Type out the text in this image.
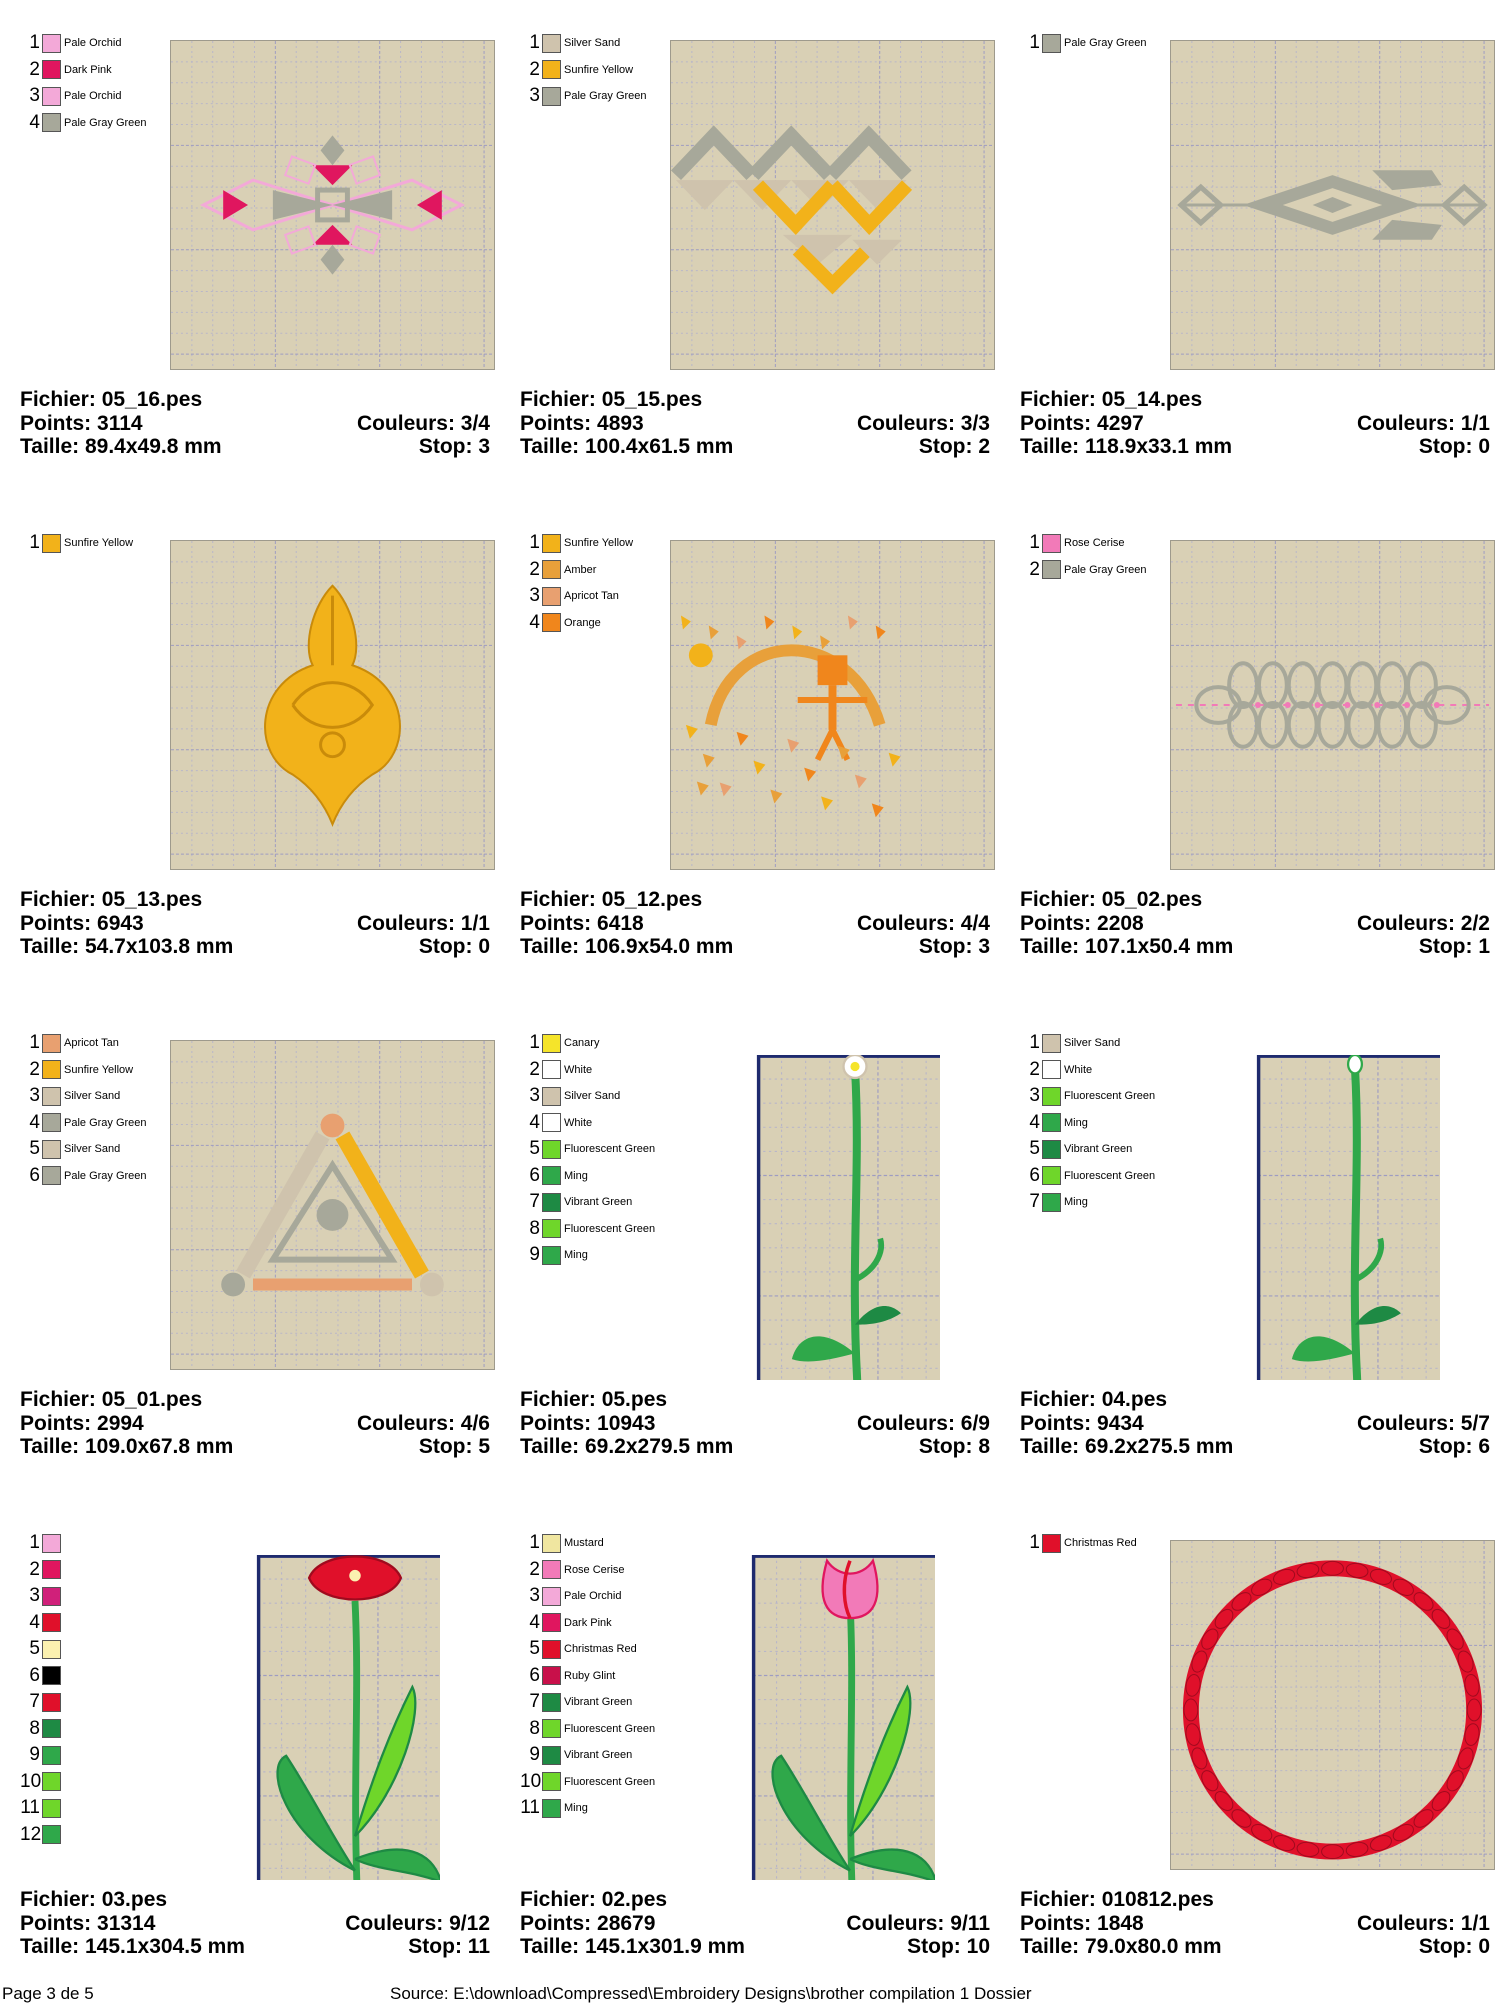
1 Pale Orchid
2 Dark Pink
3 Pale Orchid
4 Pale Gray Green
Fichier: 05_16.pes
Points: 3114	Couleurs: 3/4
Taille: 89.4x49.8 mm	Stop: 3
1 Silver Sand
2 Sunfire Yellow
3 Pale Gray Green
Fichier: 05_15.pes
Points: 4893	Couleurs: 3/3
Taille: 100.4x61.5 mm	Stop: 2
1 Pale Gray Green
Fichier: 05_14.pes
Points: 4297	Couleurs: 1/1
Taille: 118.9x33.1 mm	Stop: 0
1 Sunfire Yellow
Fichier: 05_13.pes
Points: 6943	Couleurs: 1/1
Taille: 54.7x103.8 mm	Stop: 0
1 Sunfire Yellow
2 Amber
3 Apricot Tan
4 Orange
Fichier: 05_12.pes
Points: 6418	Couleurs: 4/4
Taille: 106.9x54.0 mm	Stop: 3
1 Rose Cerise
2 Pale Gray Green
Fichier: 05_02.pes
Points: 2208	Couleurs: 2/2
Taille: 107.1x50.4 mm	Stop: 1
1 Apricot Tan
2 Sunfire Yellow
3 Silver Sand
4 Pale Gray Green
5 Silver Sand
6 Pale Gray Green
Fichier: 05_01.pes
Points: 2994	Couleurs: 4/6
Taille: 109.0x67.8 mm	Stop: 5
1 Canary
2 White
3 Silver Sand
4 White
5 Fluorescent Green
6 Ming
7 Vibrant Green
8 Fluorescent Green
9 Ming
Fichier: 05.pes
Points: 10943	Couleurs: 6/9
Taille: 69.2x279.5 mm	Stop: 8
1 Silver Sand
2 White
3 Fluorescent Green
4 Ming
5 Vibrant Green
6 Fluorescent Green
7 Ming
Fichier: 04.pes
Points: 9434	Couleurs: 5/7
Taille: 69.2x275.5 mm	Stop: 6
1
2
3
4
5
6
7
8
9
10
11
12
Fichier: 03.pes
Points: 31314	Couleurs: 9/12
Taille: 145.1x304.5 mm	Stop: 11
1 Mustard
2 Rose Cerise
3 Pale Orchid
4 Dark Pink
5 Christmas Red
6 Ruby Glint
7 Vibrant Green
8 Fluorescent Green
9 Vibrant Green
10 Fluorescent Green
11 Ming
Fichier: 02.pes
Points: 28679	Couleurs: 9/11
Taille: 145.1x301.9 mm	Stop: 10
1 Christmas Red
Fichier: 010812.pes
Points: 1848	Couleurs: 1/1
Taille: 79.0x80.0 mm	Stop: 0
Page 3 de 5	Source: E:\download\Compressed\Embroidery Designs\brother compilation 1 Dossier
